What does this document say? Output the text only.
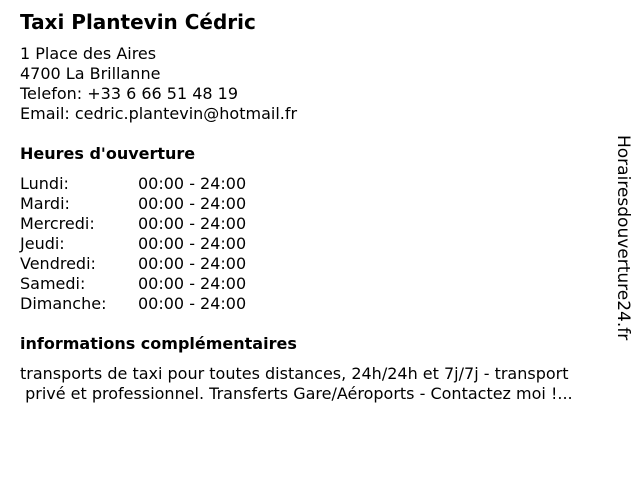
Taxi Plantevin Cédric
1 Place des Aires
4700 La Brillanne
Telefon: +33 6 66 51 48 19
Email: cedric.plantevin@hotmail.fr
Heures d'ouverture
Lundi:	00:00 - 24:00
Mardi:	00:00 - 24:00
Mercredi:	00:00 - 24:00
Jeudi:	00:00 - 24:00
Vendredi:	00:00 - 24:00
Samedi:	00:00 - 24:00
Dimanche: 00:00 - 24:00
informations complémentaires
transports de taxi pour toutes distances, 24h/24h et 7j/7j - transport
privé et professionnel. Transferts Gare/Aéroports - Contactez moi !...
Horairesdouverture24.fr
